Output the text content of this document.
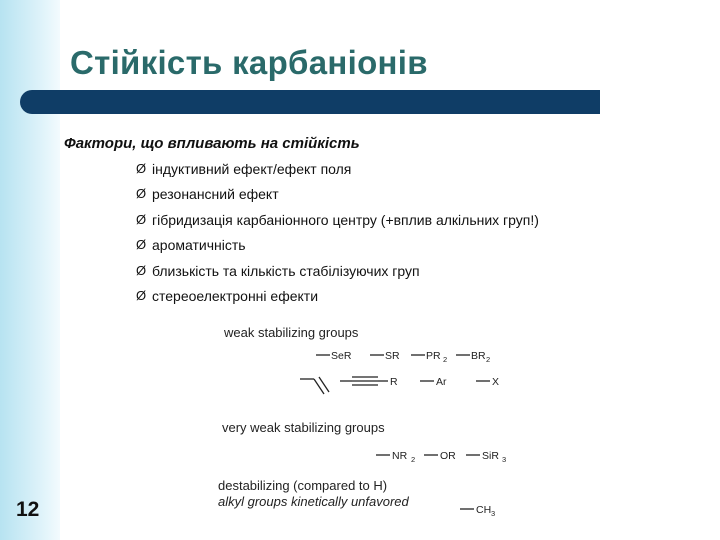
Стійкість карбаніонів
Фактори, що впливають на стійкість
Ø індуктивний ефект/ефект поля
Ø резонансний ефект
Ø гібридизація карбаніонного центру (+вплив алкільних груп!)
Ø ароматичність
Ø близькість та кількість стабілізуючих груп
Ø стереоелектронні ефекти
weak stabilizing groups
SeR	SR	PR 2 BR 2
R	Ar	X
very weak stabilizing groups
NR 2 OR	SiR 3
destabilizing (compared to H)
alkyl groups kinetically unfavored
CH 3
12
